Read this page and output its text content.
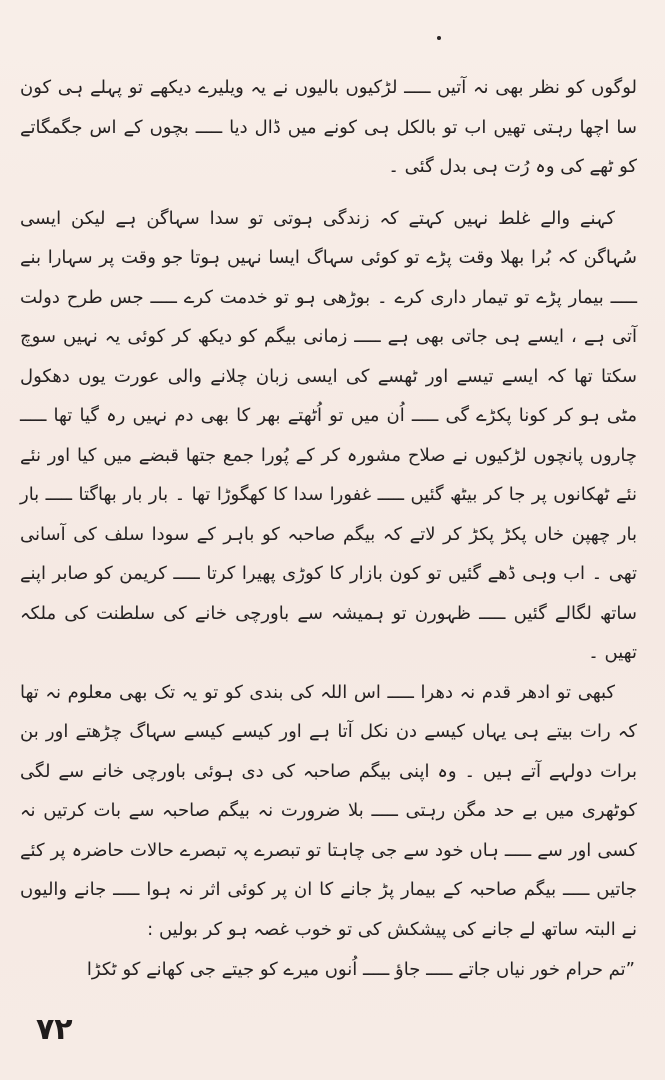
لوگوں کو نظر بھی نہ آتیں ـــــ لڑکیوں بالیوں نے یہ ویلیرے دیکھے تو پہلے ہی کون سا اچھا رہتی تھیں اب تو بالکل ہی کونے میں ڈال دیا ـــــ بچوں کے اس جگمگاتے کو ٹھے کی وہ رُت ہی بدل گئی ۔

کہنے والے غلط نہیں کہتے کہ زندگی ہوتی تو سدا سہاگن ہے لیکن ایسی سُہاگن کہ بُرا بھلا وقت پڑے تو کوئی سہاگ ایسا نہیں ہوتا جو وقت پر سہارا بنے ـــــ بیمار پڑے تو تیمار داری کرے ۔ بوڑھی ہو تو خدمت کرے ـــــ جس طرح دولت آتی ہے ، ایسے ہی جاتی بھی ہے ـــــ زمانی بیگم کو دیکھ کر کوئی یہ نہیں سوچ سکتا تھا کہ ایسے تیسے اور ٹھسے کی ایسی زبان چلانے والی عورت یوں دھکول مٹی ہو کر کونا پکڑے گی ـــــ اُن میں تو اُٹھتے بھر کا بھی دم نہیں رہ گیا تھا ـــــ چاروں پانچوں لڑکیوں نے صلاح مشورہ کر کے پُورا جمع جتھا قبضے میں کیا اور نئے نئے ٹھکانوں پر جا کر بیٹھ گئیں ـــــ غفورا سدا کا کھگوڑا تھا ۔ بار بار بھاگتا ـــــ بار بار چھپن خاں پکڑ پکڑ کر لاتے کہ بیگم صاحبہ کو باہر کے سودا سلف کی آسانی تھی ۔ اب وہی ڈھے گئیں تو کون بازار کا کوڑی پھیرا کرتا ـــــ کریمن کو صابر اپنے ساتھ لگالے گئیں ـــــ ظہورن تو ہمیشہ سے باورچی خانے کی سلطنت کی ملکہ تھیں ۔

کبھی تو ادھر قدم نہ دھرا ـــــ اس اللہ کی بندی کو تو یہ تک بھی معلوم نہ تھا کہ رات بیتے ہی یہاں کیسے دن نکل آتا ہے اور کیسے کیسے سہاگ چڑھتے اور بن برات دولہے آتے ہیں ۔ وہ اپنی بیگم صاحبہ کی دی ہوئی باورچی خانے سے لگی کوٹھری میں بے حد مگن رہتی ـــــ بلا ضرورت نہ بیگم صاحبہ سے بات کرتیں نہ کسی اور سے ـــــ ہاں خود سے جی چاہتا تو تبصرے پہ تبصرے حالات حاضرہ پر کئے جاتیں ـــــ بیگم صاحبہ کے بیمار پڑ جانے کا ان پر کوئی اثر نہ ہوا ـــــ جانے والیوں نے البتہ ساتھ لے جانے کی پیشکش کی تو خوب غصہ ہو کر بولیں :

”تم حرام خور نیاں جاتے ـــــ جاؤ ـــــ اُنوں میرے کو جیتے جی کھانے کو ٹکڑا
۷۲
